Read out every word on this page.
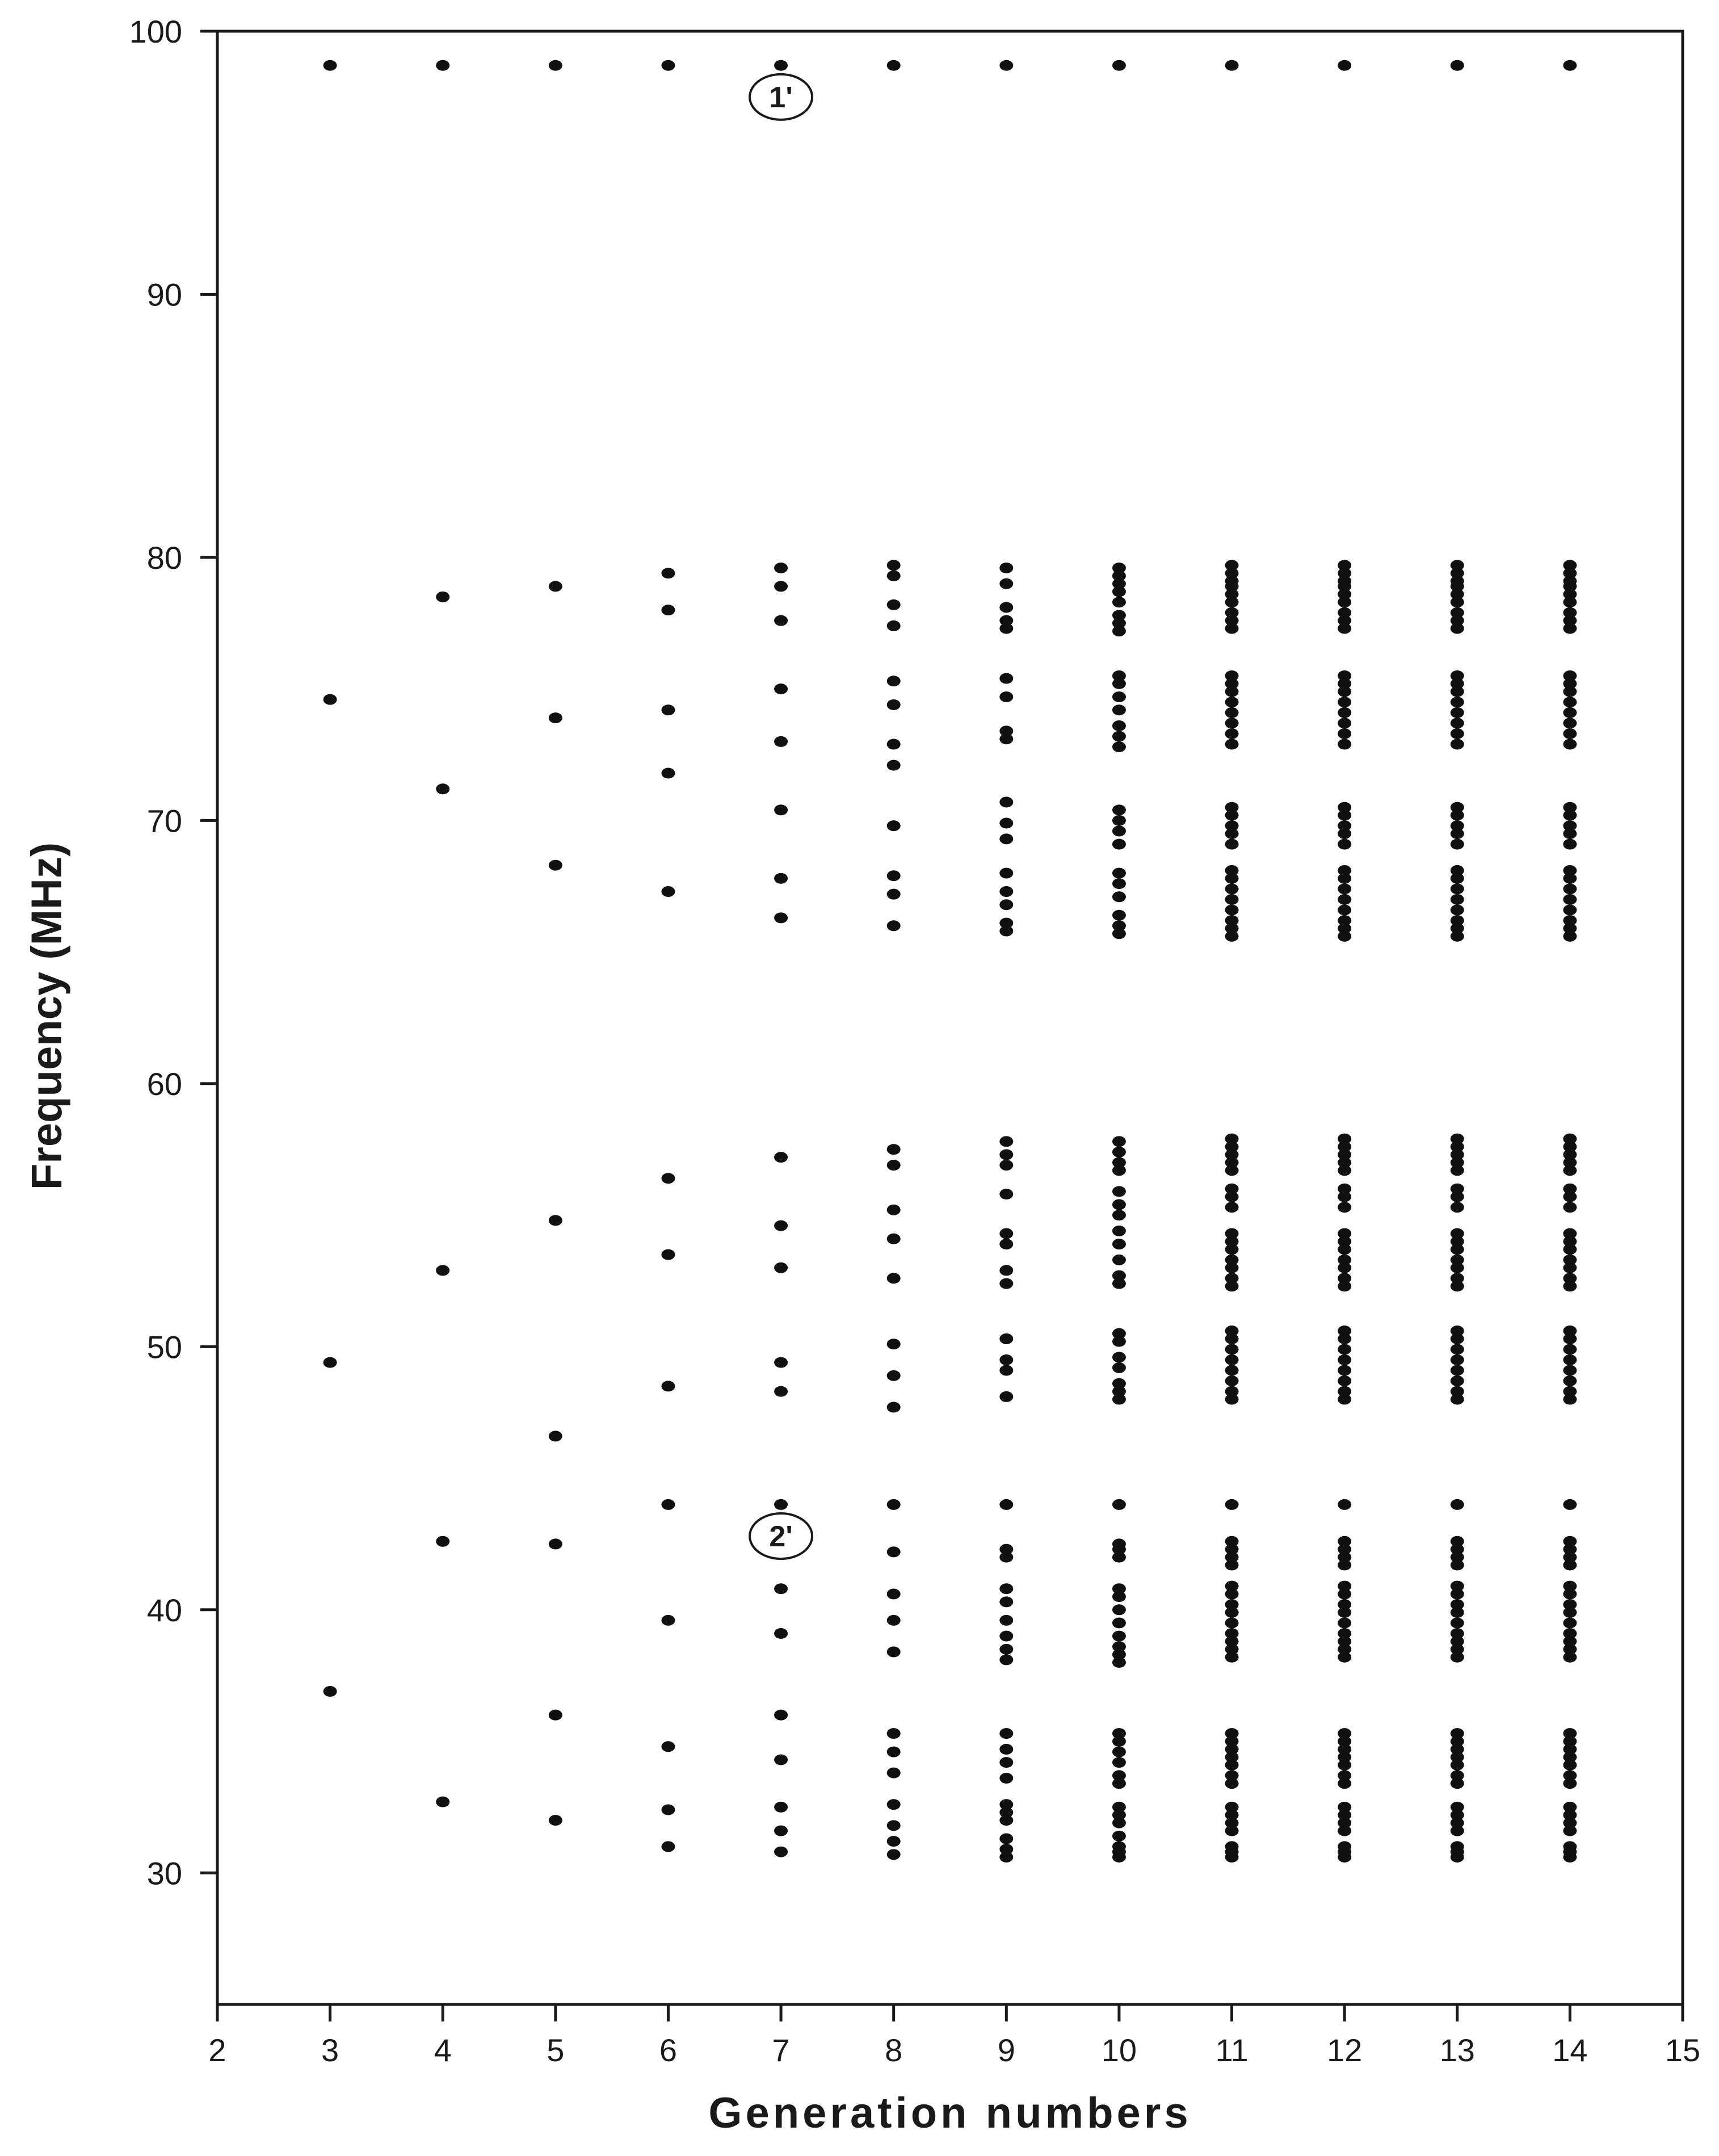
2	3	4	5	6	7	8	9	10 11 12 13 14 15
30
40
50
60
70
80
90
100
1'
2'
Generation numbers
Frequency (MHz)
